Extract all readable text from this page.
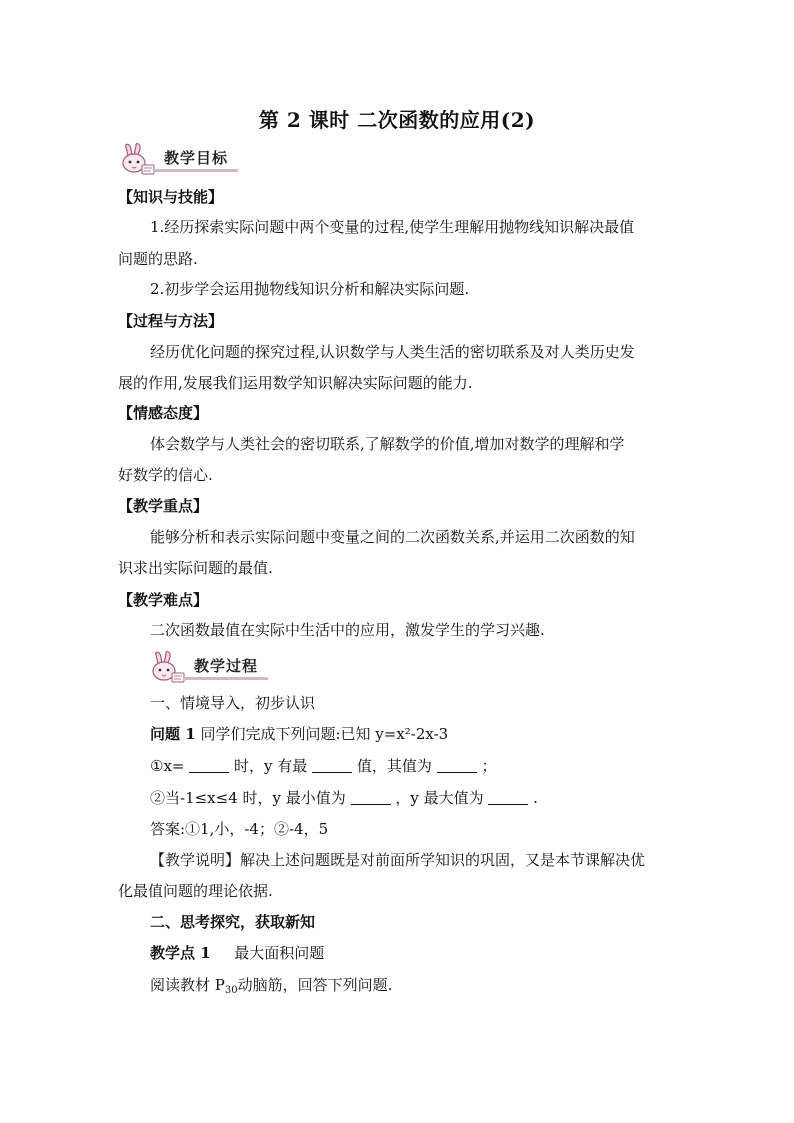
第 2 课时 二次函数的应用(2)
教学目标
【知识与技能】
1.经历探索实际问题中两个变量的过程,使学生理解用抛物线知识解决最值
问题的思路.
2.初步学会运用抛物线知识分析和解决实际问题.
【过程与方法】
经历优化问题的探究过程,认识数学与人类生活的密切联系及对人类历史发
展的作用,发展我们运用数学知识解决实际问题的能力.
【情感态度】
体会数学与人类社会的密切联系,了解数学的价值,增加对数学的理解和学
好数学的信心.
【教学重点】
能够分析和表示实际问题中变量之间的二次函数关系,并运用二次函数的知
识求出实际问题的最值.
【教学难点】
二次函数最值在实际中生活中的应用，激发学生的学习兴趣.
教学过程
一、情境导入，初步认识
问题 1 同学们完成下列问题:已知 y=x²-2x-3
①x=	时，y 有最	值，其值为	；
②当-1≤x≤4 时，y 最小值为	，y 最大值为	.
答案:①1,小，-4；②-4，5
【教学说明】解决上述问题既是对前面所学知识的巩固，又是本节课解决优
化最值问题的理论依据.
二、思考探究，获取新知
教学点 1 最大面积问题
阅读教材 $P_{30}$动脑筋，回答下列问题.
